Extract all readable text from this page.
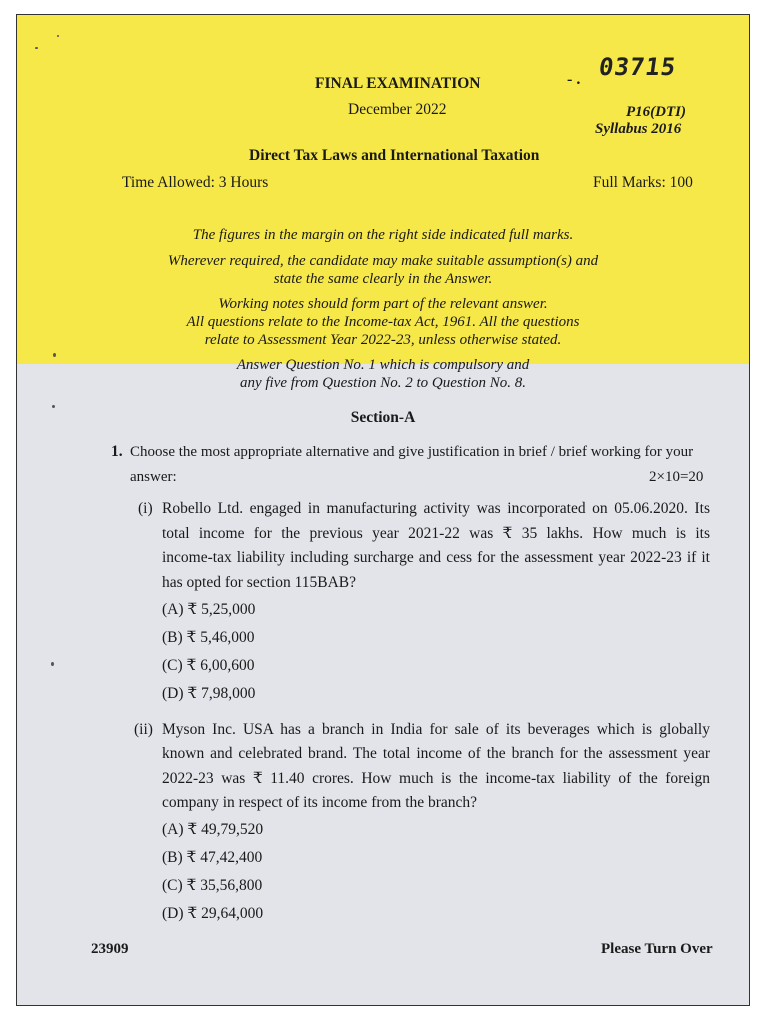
- . 03715
FINAL EXAMINATION
December 2022	P16(DTI)
Syllabus 2016
Direct Tax Laws and International Taxation
Time Allowed: 3 Hours	Full Marks: 100
The figures in the margin on the right side indicated full marks.
Wherever required, the candidate may make suitable assumption(s) and
state the same clearly in the Answer.
Working notes should form part of the relevant answer.
All questions relate to the Income-tax Act, 1961. All the questions
relate to Assessment Year 2022-23, unless otherwise stated.
Answer Question No. 1 which is compulsory and
any five from Question No. 2 to Question No. 8.
Section-A
1. Choose the most appropriate alternative and give justification in brief / brief working for your
answer:	2×10=20
(i) Robello Ltd. engaged in manufacturing activity was incorporated on 05.06.2020. Its
total income for the previous year 2021-22 was ₹ 35 lakhs. How much is its
income-tax liability including surcharge and cess for the assessment year 2022-23 if it
has opted for section 115BAB?
(A) ₹ 5,25,000
(B) ₹ 5,46,000
(C) ₹ 6,00,600
(D) ₹ 7,98,000
(ii) Myson Inc. USA has a branch in India for sale of its beverages which is globally
known and celebrated brand. The total income of the branch for the assessment year
2022-23 was ₹ 11.40 crores. How much is the income-tax liability of the foreign
company in respect of its income from the branch?
(A) ₹ 49,79,520
(B) ₹ 47,42,400
(C) ₹ 35,56,800
(D) ₹ 29,64,000
23909	Please Turn Over
